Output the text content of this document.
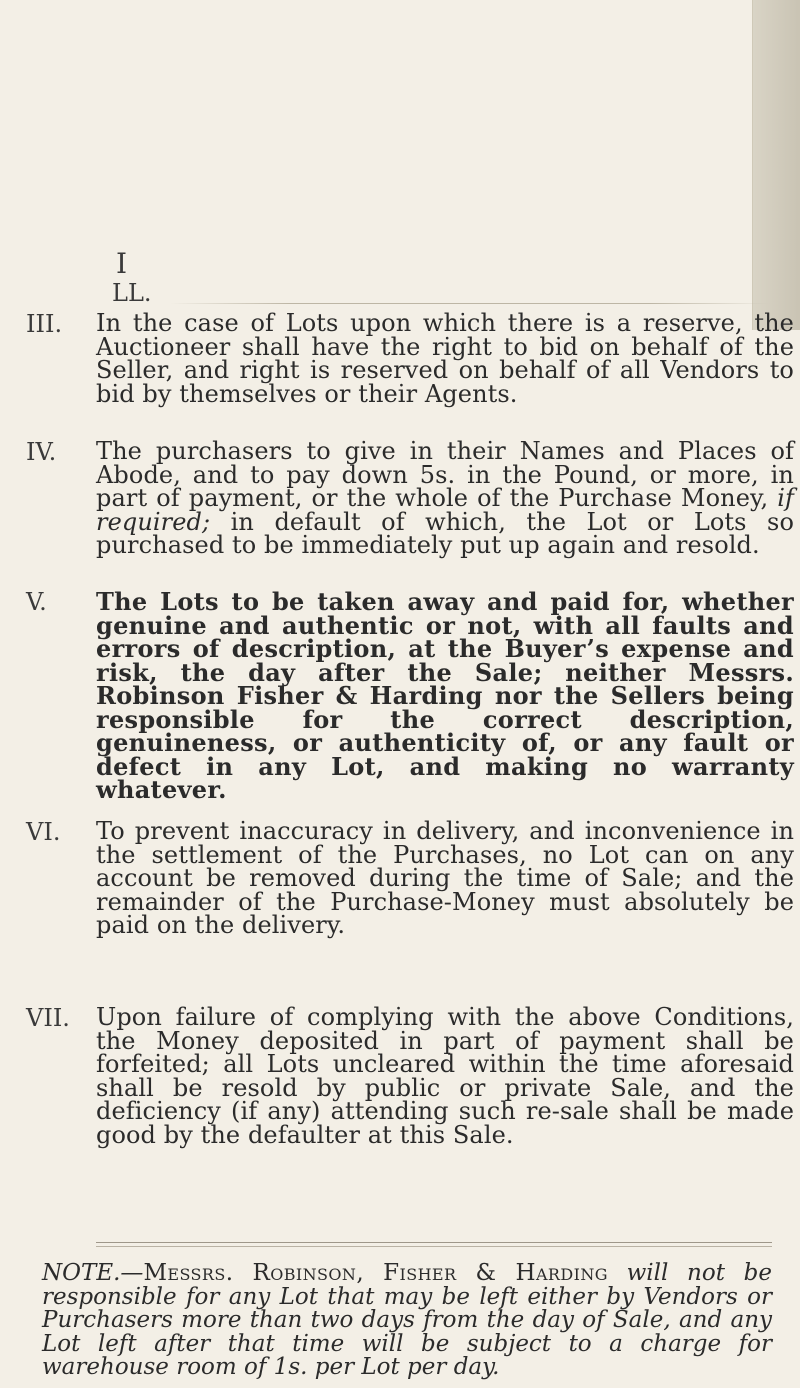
I
LL.
III.	In the case of Lots upon which there is a reserve, the Auctioneer shall have the right to bid on behalf of the Seller, and right is reserved on behalf of all Vendors to bid by themselves or their Agents.
IV.	The purchasers to give in their Names and Places of Abode, and to pay down 5s. in the Pound, or more, in part of payment, or the whole of the Purchase Money, if required; in default of which, the Lot or Lots so purchased to be immediately put up again and resold.
V.	The Lots to be taken away and paid for, whether genuine and authentic or not, with all faults and errors of description, at the Buyer’s expense and risk, the day after the Sale; neither Messrs. Robinson Fisher & Harding nor the Sellers being responsible for the correct description, genuineness, or authenticity of, or any fault or defect in any Lot, and making no warranty whatever.
VI.	To prevent inaccuracy in delivery, and inconvenience in the settlement of the Purchases, no Lot can on any account be removed during the time of Sale; and the remainder of the Purchase-Money must absolutely be paid on the delivery.
VII.	Upon failure of complying with the above Conditions, the Money deposited in part of payment shall be forfeited; all Lots uncleared within the time aforesaid shall be resold by public or private Sale, and the deficiency (if any) attending such re-sale shall be made good by the defaulter at this Sale.
NOTE.—Messrs. Robinson, Fisher & Harding will not be responsible for any Lot that may be left either by Vendors or Purchasers more than two days from the day of Sale, and any Lot left after that time will be subject to a charge for warehouse room of 1s. per Lot per day.
